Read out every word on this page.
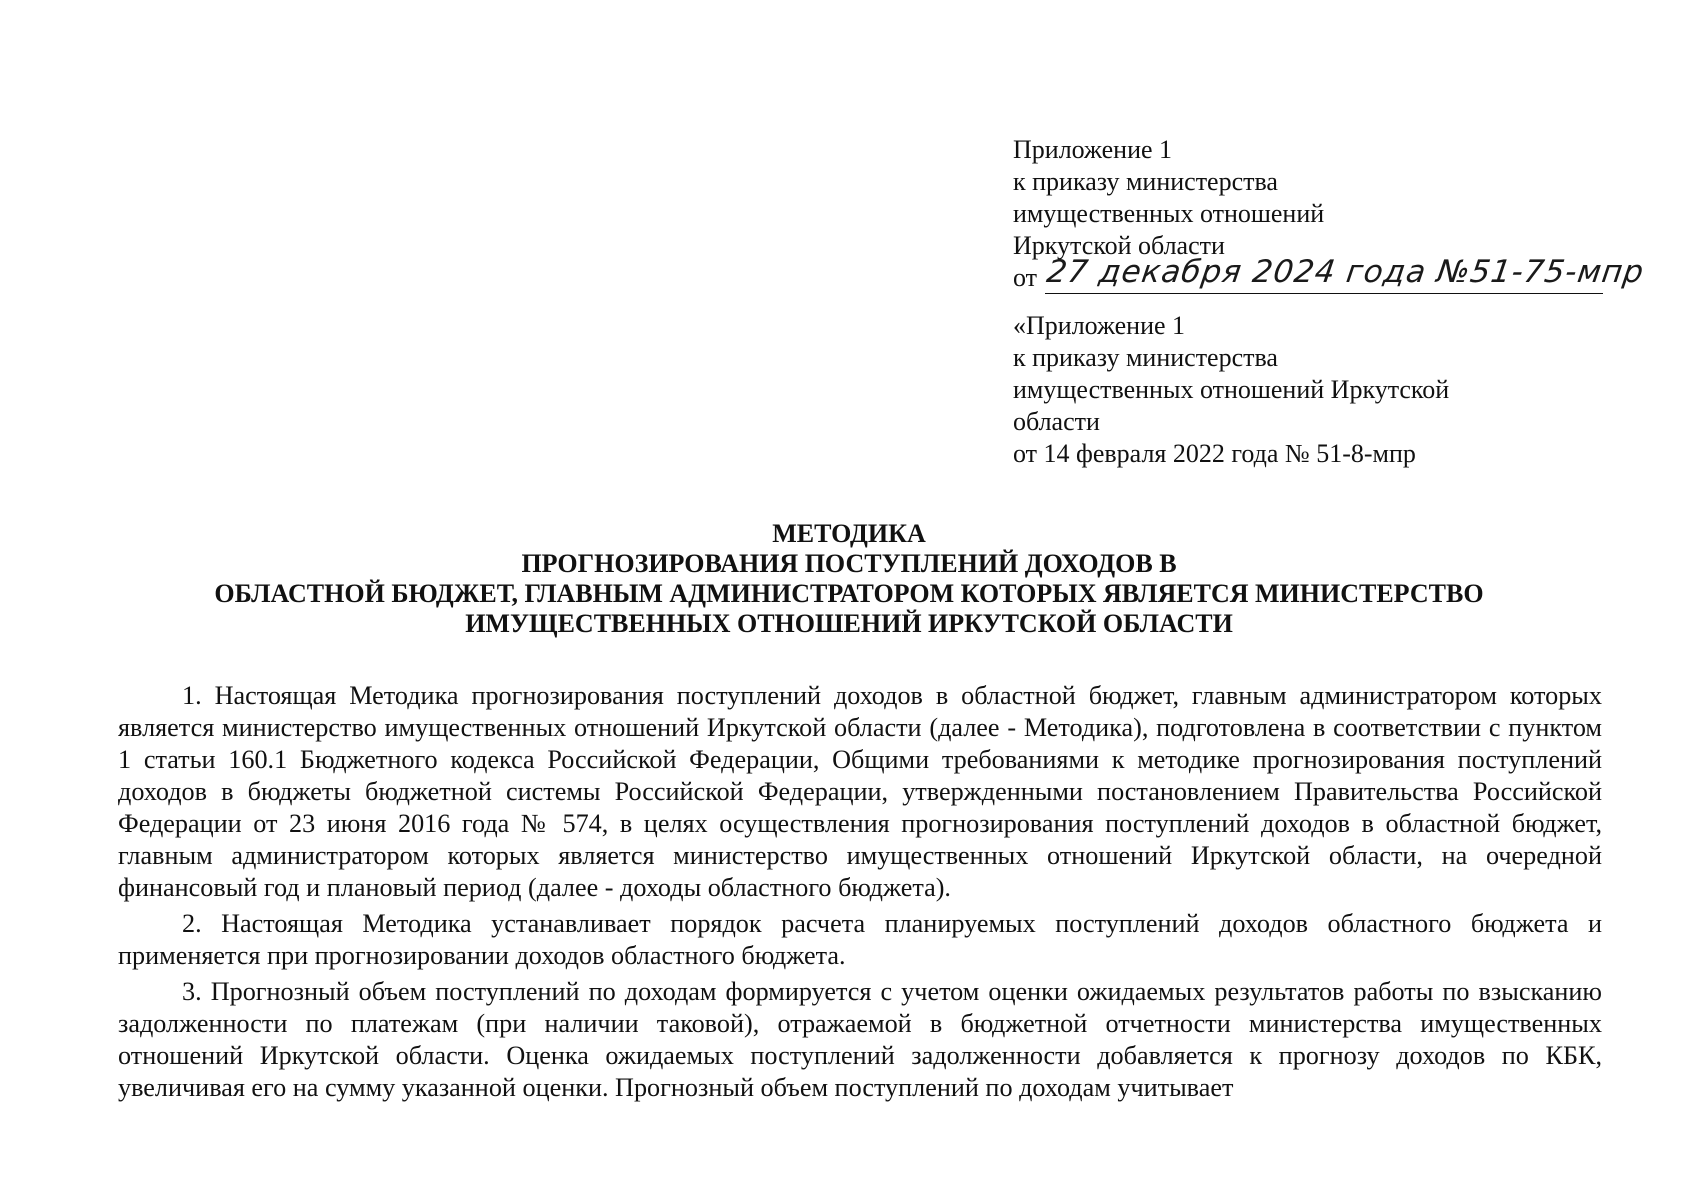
Приложение 1
к приказу министерства
имущественных отношений
Иркутской области
от 27 декабря 2024 года №51-75-мпр
«Приложение 1
к приказу министерства
имущественных отношений Иркутской
области
от 14 февраля 2022 года № 51-8-мпр
МЕТОДИКА
ПРОГНОЗИРОВАНИЯ ПОСТУПЛЕНИЙ ДОХОДОВ В
ОБЛАСТНОЙ БЮДЖЕТ, ГЛАВНЫМ АДМИНИСТРАТОРОМ КОТОРЫХ ЯВЛЯЕТСЯ МИНИСТЕРСТВО
ИМУЩЕСТВЕННЫХ ОТНОШЕНИЙ ИРКУТСКОЙ ОБЛАСТИ

1. Настоящая Методика прогнозирования поступлений доходов в областной бюджет, главным администратором которых является министерство имущественных отношений Иркутской области (далее - Методика), подготовлена в соответствии с пунктом 1 статьи 160.1 Бюджетного кодекса Российской Федерации, Общими требованиями к методике прогнозирования поступлений доходов в бюджеты бюджетной системы Российской Федерации, утвержденными постановлением Правительства Российской Федерации от 23 июня 2016 года № 574, в целях осуществления прогнозирования поступлений доходов в областной бюджет, главным администратором которых является министерство имущественных отношений Иркутской области, на очередной финансовый год и плановый период (далее - доходы областного бюджета).

2. Настоящая Методика устанавливает порядок расчета планируемых поступлений доходов областного бюджета и применяется при прогнозировании доходов областного бюджета.

3. Прогнозный объем поступлений по доходам формируется с учетом оценки ожидаемых результатов работы по взысканию задолженности по платежам (при наличии таковой), отражаемой в бюджетной отчетности министерства имущественных отношений Иркутской области. Оценка ожидаемых поступлений задолженности добавляется к прогнозу доходов по КБК, увеличивая его на сумму указанной оценки. Прогнозный объем поступлений по доходам учитывает
